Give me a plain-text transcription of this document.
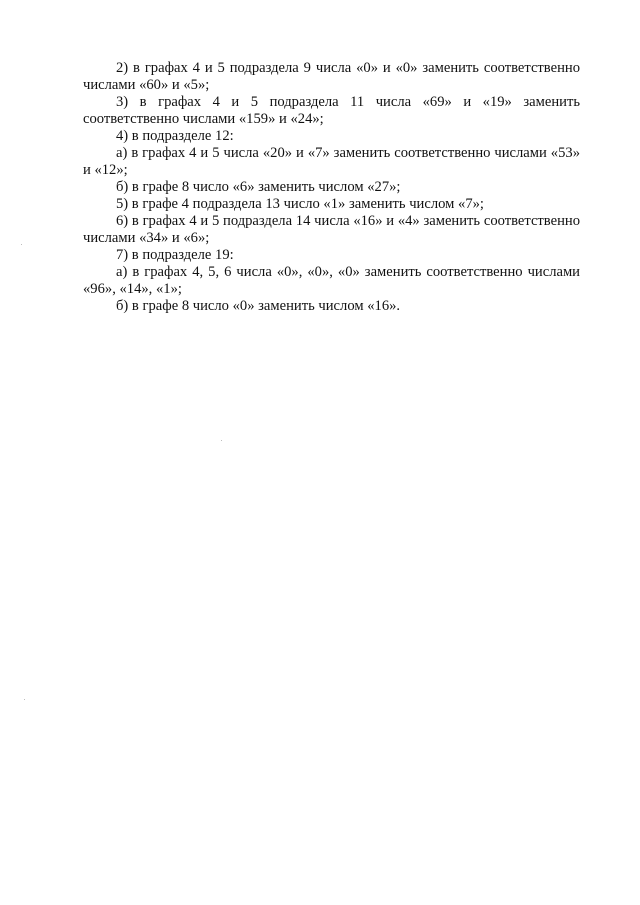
2) в графах 4 и 5 подраздела 9 числа «0» и «0» заменить соответственно числами «60» и «5»;

3) в графах 4 и 5 подраздела 11 числа «69» и «19» заменить соответственно числами «159» и «24»;

4) в подразделе 12:

а) в графах 4 и 5 числа «20» и «7» заменить соответственно числами «53» и «12»;

б) в графе 8 число «6» заменить числом «27»;

5) в графе 4 подраздела 13 число «1» заменить числом «7»;

6) в графах 4 и 5 подраздела 14 числа «16» и «4» заменить соответственно числами «34» и «6»;

7) в подразделе 19:

а) в графах 4, 5, 6 числа «0», «0», «0» заменить соответственно числами «96», «14», «1»;

б) в графе 8 число «0» заменить числом «16».
